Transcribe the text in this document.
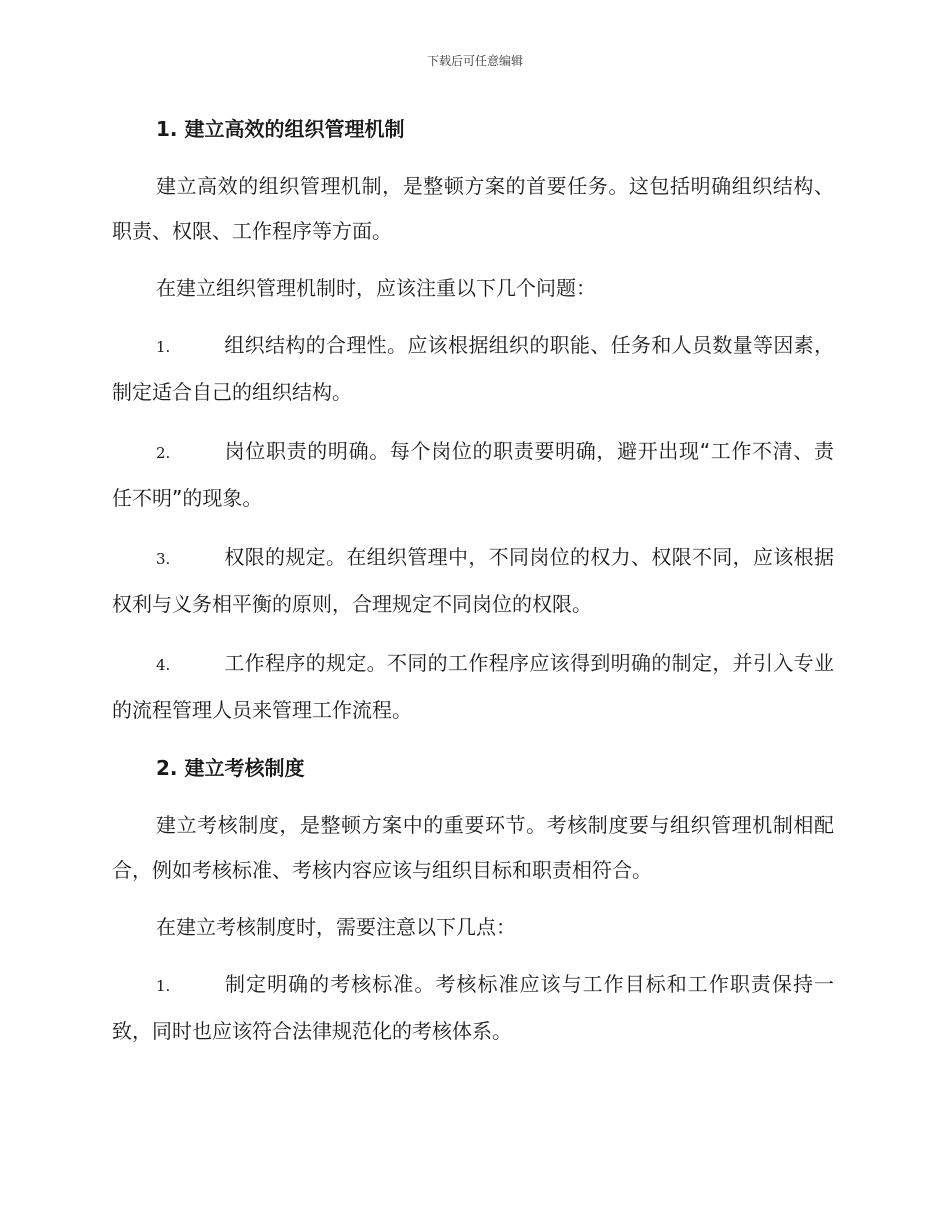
下载后可任意编辑
1. 建立高效的组织管理机制

建立高效的组织管理机制，是整顿方案的首要任务。这包括明确组织结构、职责、权限、工作程序等方面。

在建立组织管理机制时，应该注重以下几个问题：

1.	组织结构的合理性。应该根据组织的职能、任务和人员数量等因素，制定适合自己的组织结构。

2.	岗位职责的明确。每个岗位的职责要明确，避开出现“工作不清、责任不明”的现象。

3.	权限的规定。在组织管理中，不同岗位的权力、权限不同，应该根据权利与义务相平衡的原则，合理规定不同岗位的权限。

4.	工作程序的规定。不同的工作程序应该得到明确的制定，并引入专业的流程管理人员来管理工作流程。

2. 建立考核制度

建立考核制度，是整顿方案中的重要环节。考核制度要与组织管理机制相配合，例如考核标准、考核内容应该与组织目标和职责相符合。

在建立考核制度时，需要注意以下几点：

1.	制定明确的考核标准。考核标准应该与工作目标和工作职责保持一致，同时也应该符合法律规范化的考核体系。
